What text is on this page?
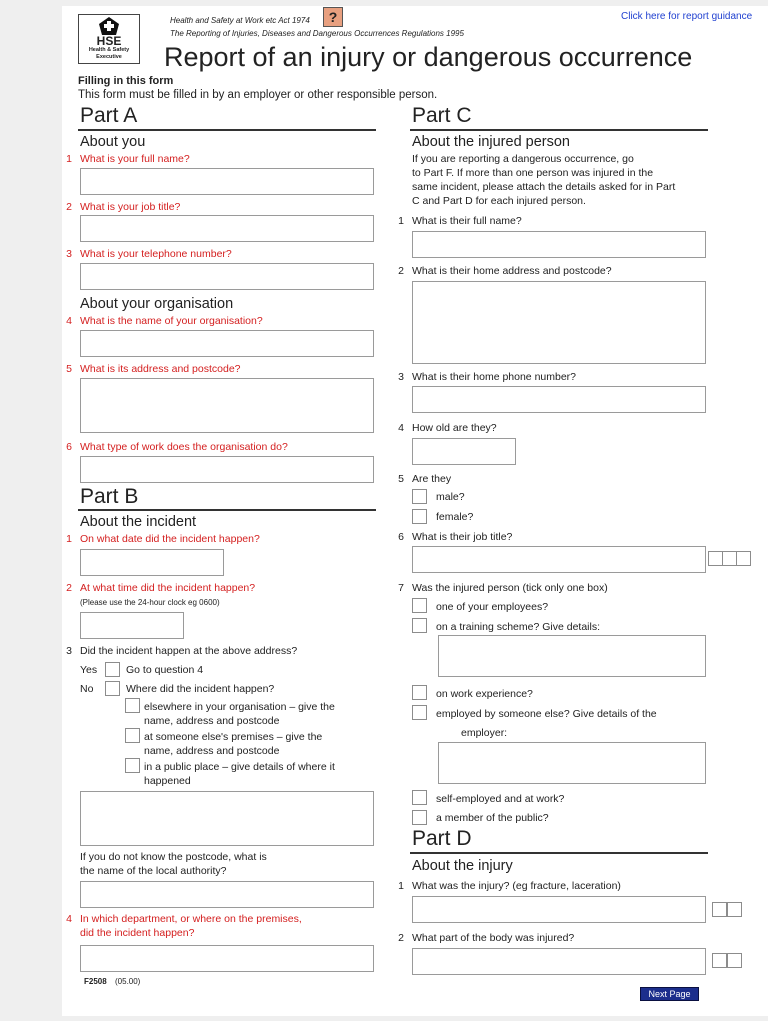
HSE
Health & Safety
Executive
Health and Safety at Work etc Act 1974
The Reporting of Injuries, Diseases and Dangerous Occurrences Regulations 1995
?	Click here for report guidance
Report of an injury or dangerous occurrence
Filling in this form
This form must be filled in by an employer or other responsible person.
Part A
About you
1 What is your full name?
2 What is your job title?
3 What is your telephone number?
About your organisation
4 What is the name of your organisation?
5 What is its address and postcode?
6 What type of work does the organisation do?
Part B
About the incident
1 On what date did the incident happen?
2 At what time did the incident happen?
(Please use the 24-hour clock eg 0600)
3 Did the incident happen at the above address?
Yes	Go to question 4
No	Where did the incident happen?
elsewhere in your organisation – give the
name, address and postcode
at someone else's premises – give the
name, address and postcode
in a public place – give details of where it
happened
If you do not know the postcode, what is
the name of the local authority?
4 In which department, or where on the premises,
did the incident happen?
F2508 (05.00)
Part C
About the injured person
If you are reporting a dangerous occurrence, go
to Part F. If more than one person was injured in the
same incident, please attach the details asked for in Part
C and Part D for each injured person.
1 What is their full name?
2 What is their home address and postcode?
3 What is their home phone number?
4 How old are they?
5 Are they
male?
female?
6 What is their job title?
7 Was the injured person (tick only one box)
one of your employees?
on a training scheme? Give details:
on work experience?
employed by someone else? Give details of the
employer:
self-employed and at work?
a member of the public?
Part D
About the injury
1 What was the injury? (eg fracture, laceration)
2 What part of the body was injured?
Next Page
